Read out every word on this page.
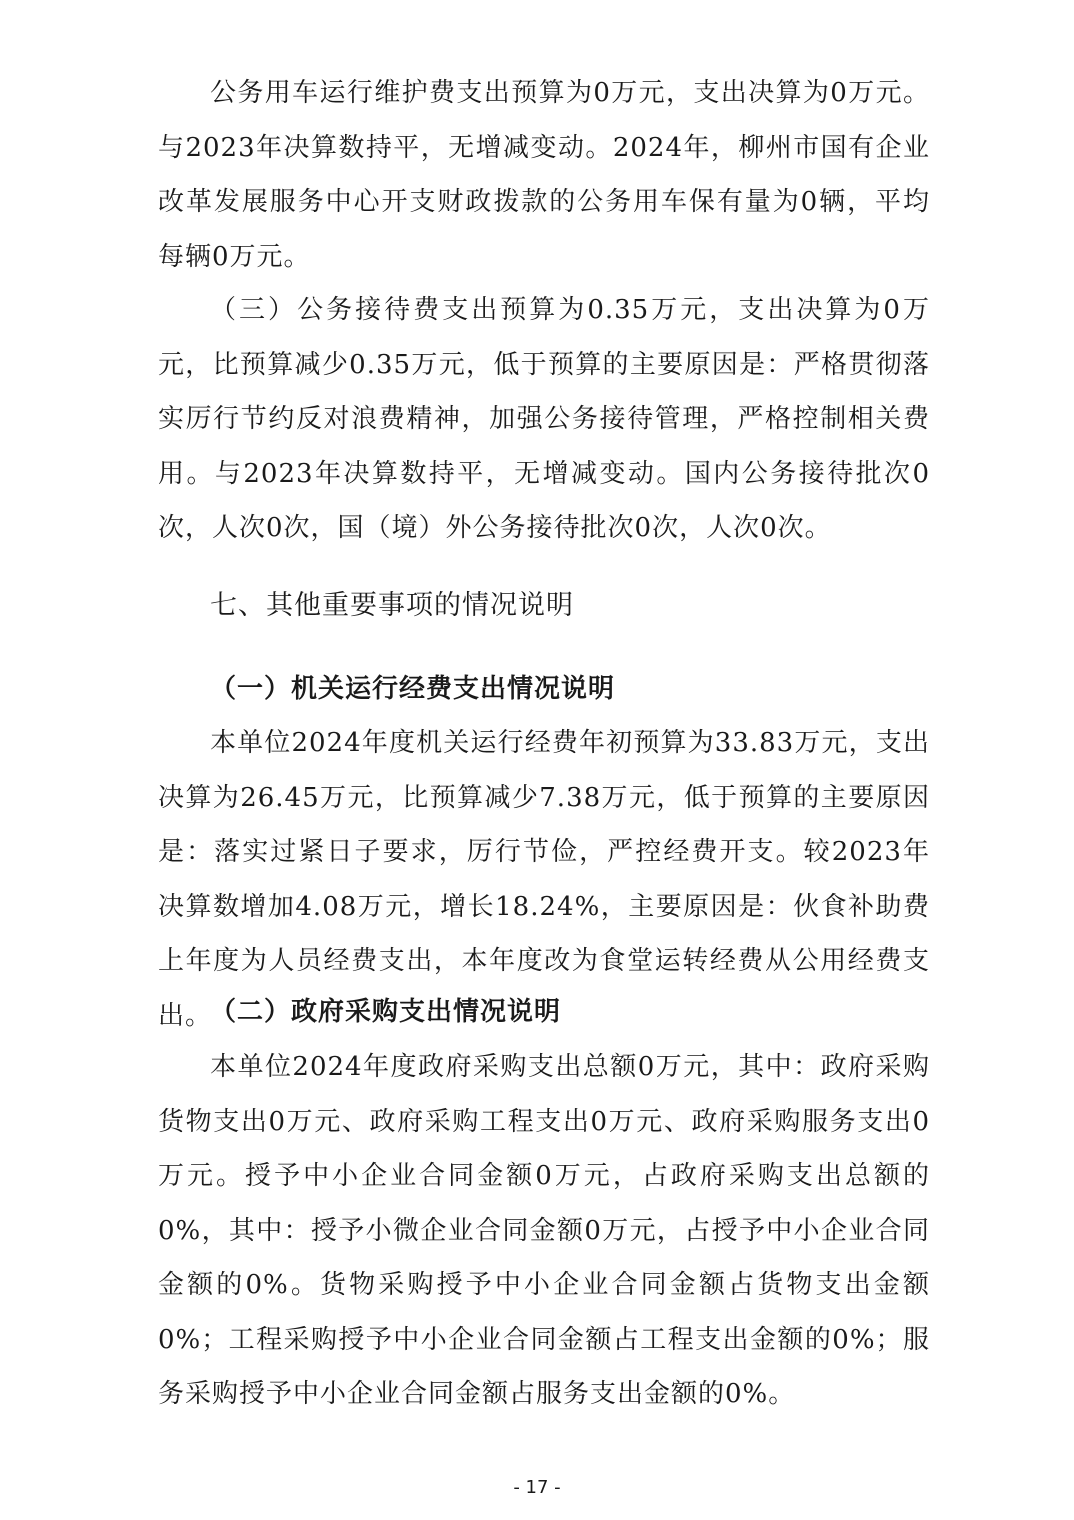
公务用车运行维护费支出预算为0万元，支出决算为0万元。与2023年决算数持平，无增减变动。2024年，柳州市国有企业改革发展服务中心开支财政拨款的公务用车保有量为0辆，平均每辆0万元。

（三）公务接待费支出预算为0.35万元，支出决算为0万元，比预算减少0.35万元，低于预算的主要原因是：严格贯彻落实厉行节约反对浪费精神，加强公务接待管理，严格控制相关费用。与2023年决算数持平，无增减变动。国内公务接待批次0次，人次0次，国（境）外公务接待批次0次，人次0次。

七、其他重要事项的情况说明
（一）机关运行经费支出情况说明

本单位2024年度机关运行经费年初预算为33.83万元，支出决算为26.45万元，比预算减少7.38万元，低于预算的主要原因是：落实过紧日子要求，厉行节俭，严控经费开支。较2023年决算数增加4.08万元，增长18.24%，主要原因是：伙食补助费上年度为人员经费支出，本年度改为食堂运转经费从公用经费支出。

（二）政府采购支出情况说明

本单位2024年度政府采购支出总额0万元，其中：政府采购货物支出0万元、政府采购工程支出0万元、政府采购服务支出0万元。授予中小企业合同金额0万元，占政府采购支出总额的0%，其中：授予小微企业合同金额0万元，占授予中小企业合同金额的0%。货物采购授予中小企业合同金额占货物支出金额0%；工程采购授予中小企业合同金额占工程支出金额的0%；服务采购授予中小企业合同金额占服务支出金额的0%。

- 17 -
